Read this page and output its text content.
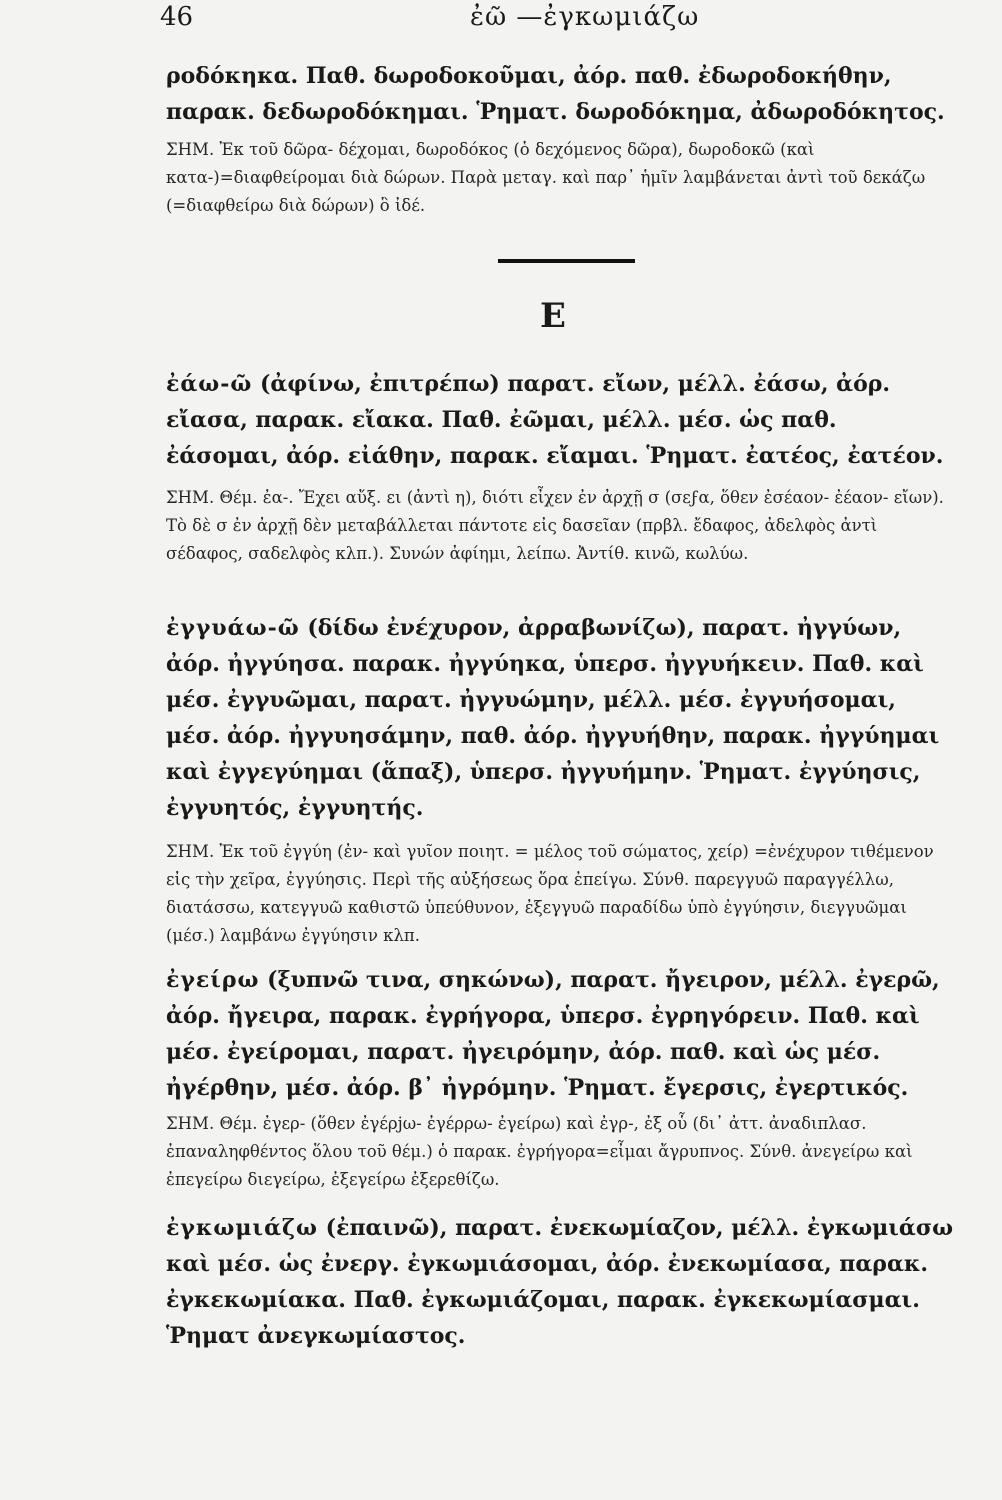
46	ἐῶ —ἐγκωμιάζω
ροδόκηκα. Παθ. δωροδοκοῦμαι, ἀόρ. παθ. ἐδωροδοκήθην, παρακ. δεδωροδόκημαι. Ῥηματ. δωροδόκημα, ἀδωροδόκητος.
ΣΗΜ. Ἐκ τοῦ δῶρα- δέχομαι, δωροδόκος (ὁ δεχόμενος δῶρα), δωροδοκῶ (καὶ κατα-)=διαφθείρομαι διὰ δώρων. Παρὰ μεταγ. καὶ παρ᾽ ἡμῖν λαμβάνεται ἀντὶ τοῦ δεκάζω (=διαφθείρω διὰ δώρων) ὃ ἰδέ.
Ε
ἐάω-ῶ (ἀφίνω, ἐπιτρέπω) παρατ. εἴων, μέλλ. ἐάσω, ἀόρ. εἴασα, παρακ. εἴακα. Παθ. ἐῶμαι, μέλλ. μέσ. ὡς παθ. ἐάσομαι, ἀόρ. εἰάθην, παρακ. εἴαμαι. Ῥηματ. ἐατέος, ἐατέον.
ΣΗΜ. Θέμ. ἐα-. Ἔχει αὔξ. ει (ἀντὶ η), διότι εἶχεν ἐν ἀρχῇ σ (σεϝα, ὅθεν ἐσέαον- ἐέαον- εἴων). Τὸ δὲ σ ἐν ἀρχῇ δὲν μεταβάλλεται πάντοτε εἰς δασεῖαν (πρβλ. ἔδαφος, ἀδελφὸς ἀντὶ σέδαφος, σαδελφὸς κλπ.). Συνών ἀφίημι, λείπω. Ἀντίθ. κινῶ, κωλύω.
ἐγγυάω-ῶ (δίδω ἐνέχυρον, ἀρραβωνίζω), παρατ. ἠγγύων, ἀόρ. ἠγγύησα. παρακ. ἠγγύηκα, ὑπερσ. ἠγγυήκειν. Παθ. καὶ μέσ. ἐγγυῶμαι, παρατ. ἠγγυώμην, μέλλ. μέσ. ἐγγυήσομαι, μέσ. ἀόρ. ἠγγυησάμην, παθ. ἀόρ. ἠγγυήθην, παρακ. ἠγγύημαι καὶ ἐγγεγύημαι (ἅπαξ), ὑπερσ. ἠγγυήμην. Ῥηματ. ἐγγύησις, ἐγγυητός, ἐγγυητής.
ΣΗΜ. Ἐκ τοῦ ἐγγύη (ἐν- καὶ γυῖον ποιητ. = μέλος τοῦ σώματος, χείρ) =ἐνέχυρον τιθέμενον εἰς τὴν χεῖρα, ἐγγύησις. Περὶ τῆς αὐξήσεως ὅρα ἐπείγω. Σύνθ. παρεγγυῶ παραγγέλλω, διατάσσω, κατεγγυῶ καθιστῶ ὑπεύθυνον, ἐξεγγυῶ παραδίδω ὑπὸ ἐγγύησιν, διεγγυῶμαι (μέσ.) λαμβάνω ἐγγύησιν κλπ.
ἐγείρω (ξυπνῶ τινα, σηκώνω), παρατ. ἤγειρον, μέλλ. ἐγερῶ, ἀόρ. ἤγειρα, παρακ. ἐγρήγορα, ὑπερσ. ἐγρηγόρειν. Παθ. καὶ μέσ. ἐγείρομαι, παρατ. ἠγειρόμην, ἀόρ. παθ. καὶ ὡς μέσ. ἠγέρθην, μέσ. ἀόρ. β᾽ ἠγρόμην. Ῥηματ. ἔγερσις, ἐγερτικός.
ΣΗΜ. Θέμ. ἐγερ- (ὅθεν ἐγέρjω- ἐγέρρω- ἐγείρω) καὶ ἐγρ-, ἐξ οὗ (δι᾽ ἀττ. ἀναδιπλασ. ἐπαναληφθέντος ὅλου τοῦ θέμ.) ὁ παρακ. ἐγρήγορα=εἶμαι ἄγρυπνος. Σύνθ. ἀνεγείρω καὶ ἐπεγείρω διεγείρω, ἐξεγείρω ἐξερεθίζω.
ἐγκωμιάζω (ἐπαινῶ), παρατ. ἐνεκωμίαζον, μέλλ. ἐγκωμιάσω καὶ μέσ. ὡς ἐνεργ. ἐγκωμιάσομαι, ἀόρ. ἐνεκωμίασα, παρακ. ἐγκεκωμίακα. Παθ. ἐγκωμιάζομαι, παρακ. ἐγκεκωμίασμαι. Ῥηματ ἀνεγκωμίαστος.
